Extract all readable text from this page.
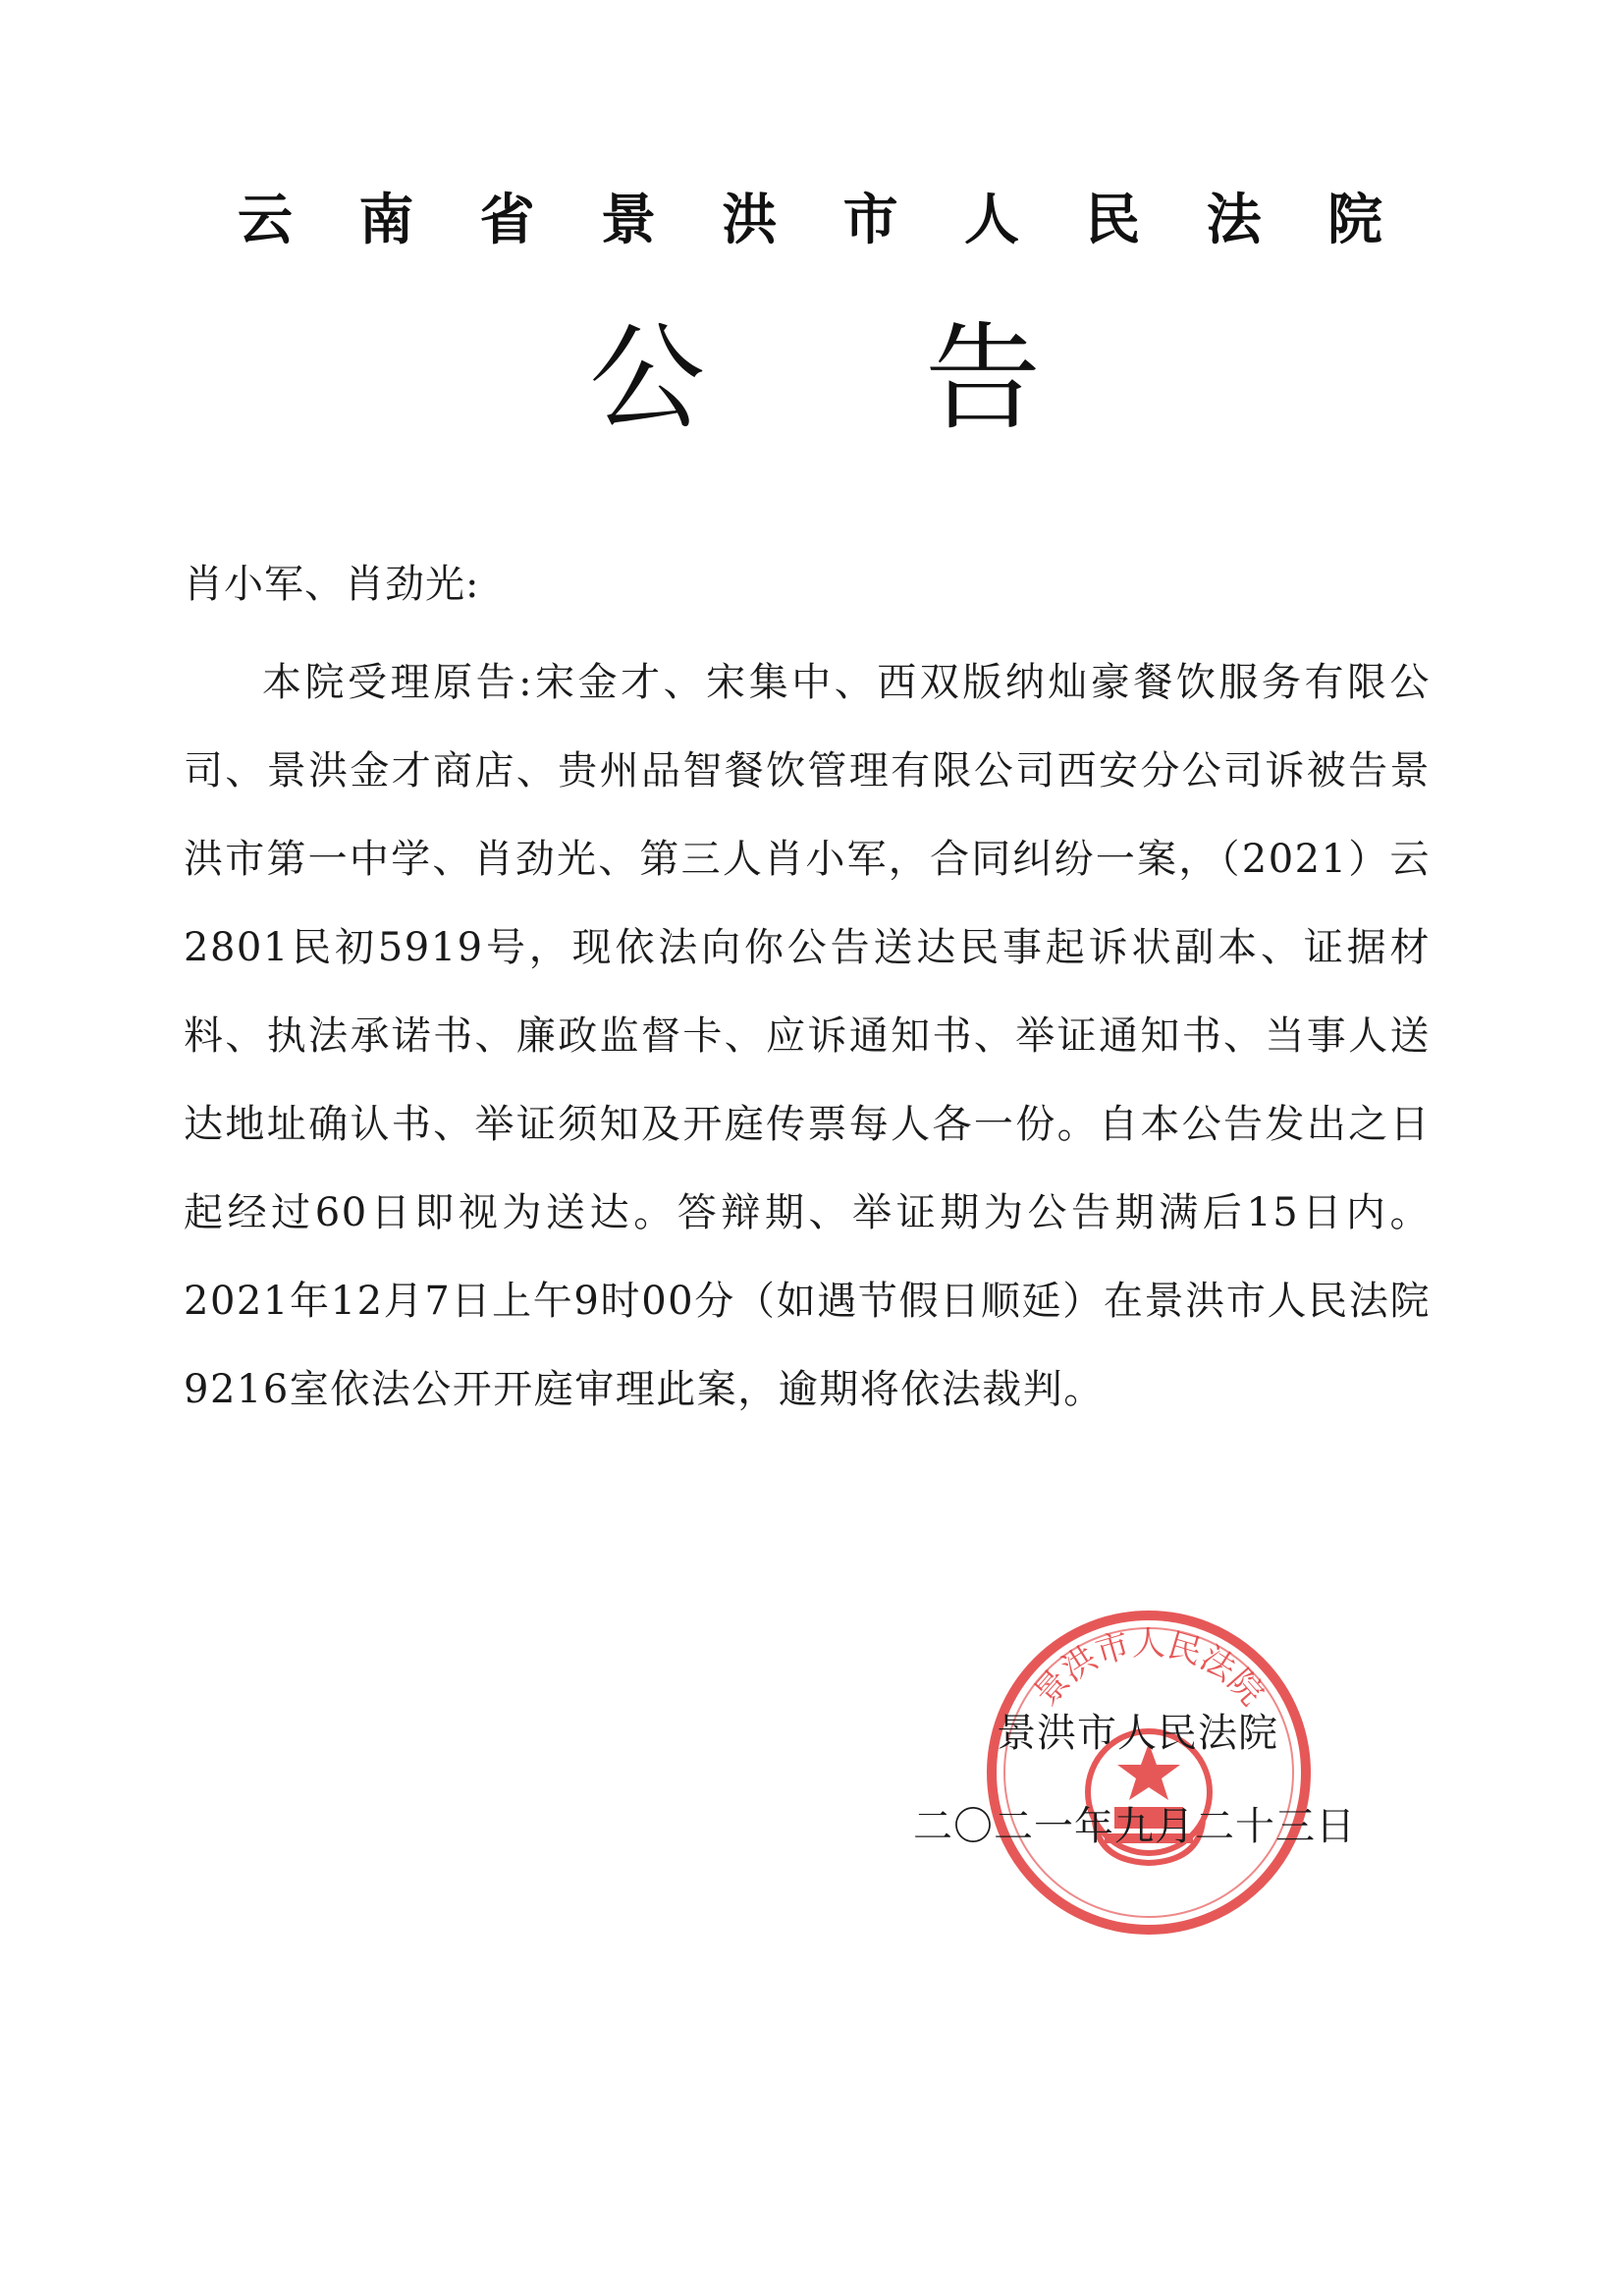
云 南 省 景 洪 市 人 民 法 院
公 告
肖小军、肖劲光:
本院受理原告:宋金才、宋集中、西双版纳灿豪餐饮服务有限公司、景洪金才商店、贵州品智餐饮管理有限公司西安分公司诉被告景洪市第一中学、肖劲光、第三人肖小军，合同纠纷一案，（2021）云2801民初5919号，现依法向你公告送达民事起诉状副本、证据材料、执法承诺书、廉政监督卡、应诉通知书、举证通知书、当事人送达地址确认书、举证须知及开庭传票每人各一份。自本公告发出之日起经过60日即视为送达。答辩期、举证期为公告期满后15日内。2021年12月7日上午9时00分（如遇节假日顺延）在景洪市人民法院9216室依法公开开庭审理此案，逾期将依法裁判。
景洪市人民法院
景洪市人民法院
二〇二一年九月二十三日
